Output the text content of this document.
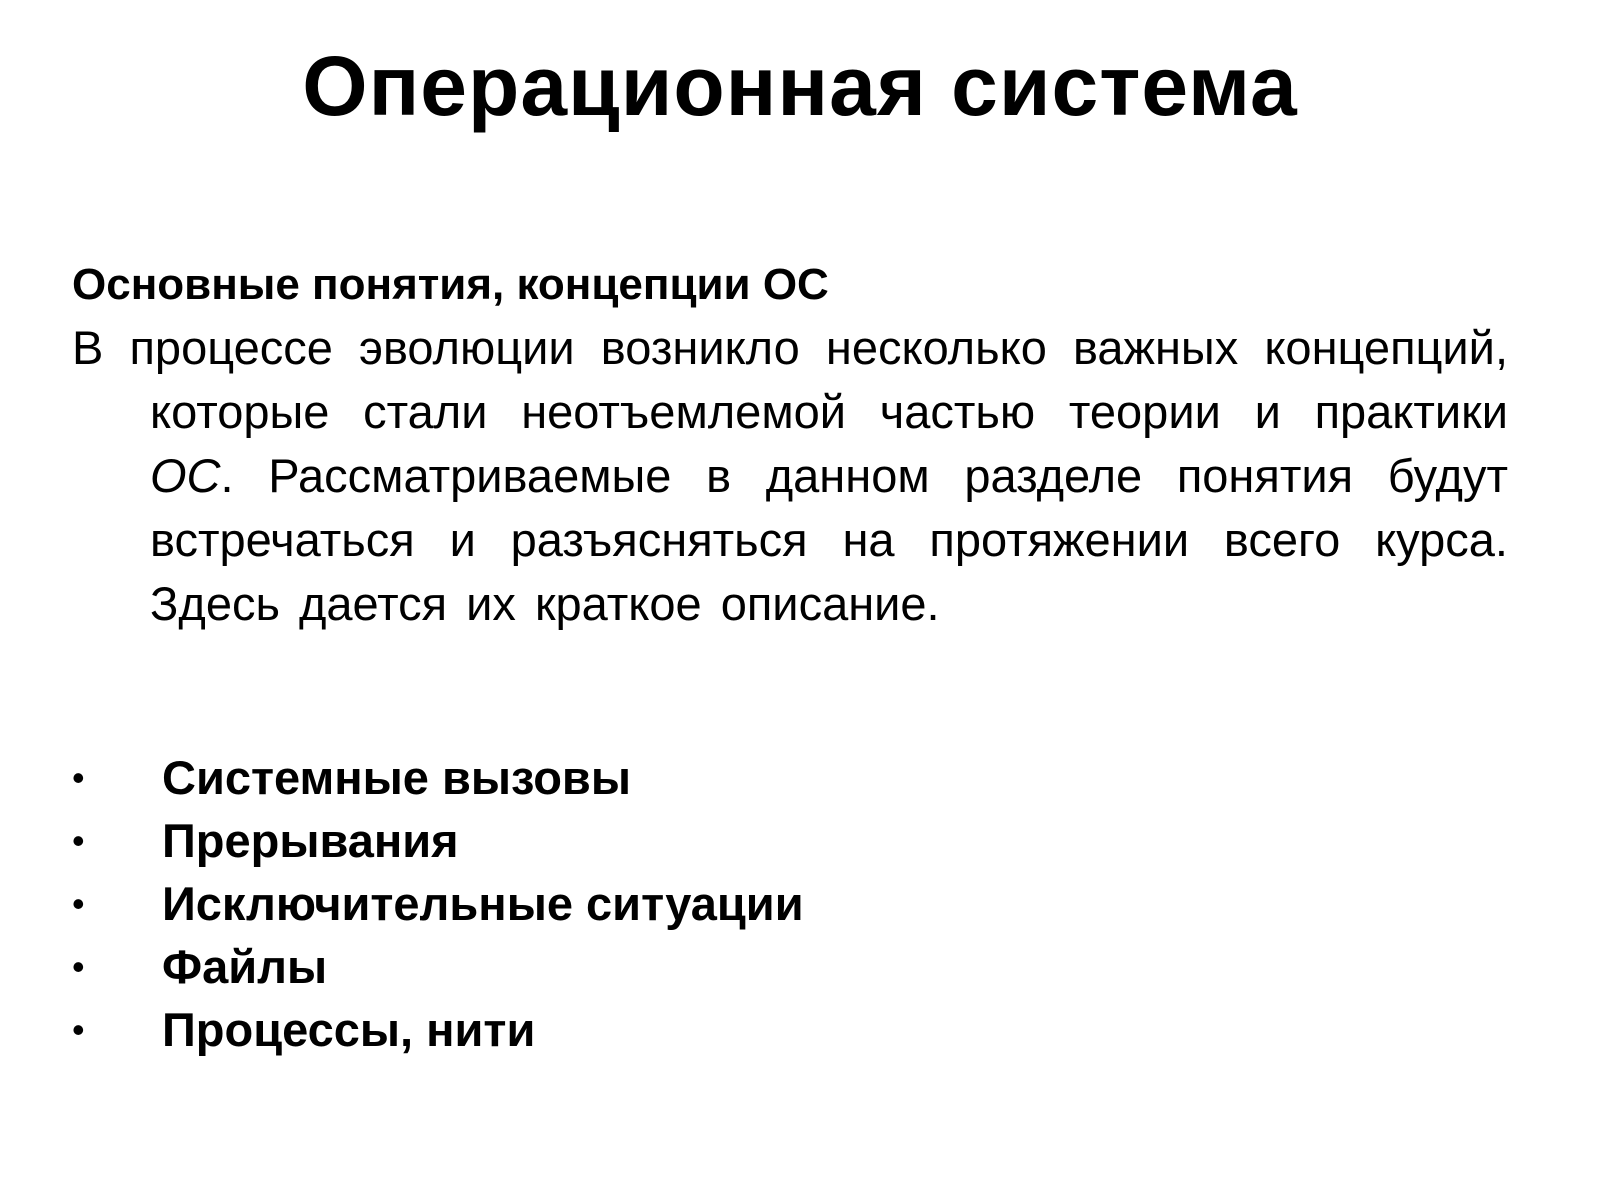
Операционная система
Основные понятия, концепции ОС

В процессе эволюции возникло несколько важных концепций, которые стали неотъемлемой частью теории и практики ОС. Рассматриваемые в данном разделе понятия будут встречаться и разъясняться на протяжении всего курса. Здесь дается их краткое описание.

• Системные вызовы
• Прерывания
• Исключительные ситуации
• Файлы
• Процессы, нити
